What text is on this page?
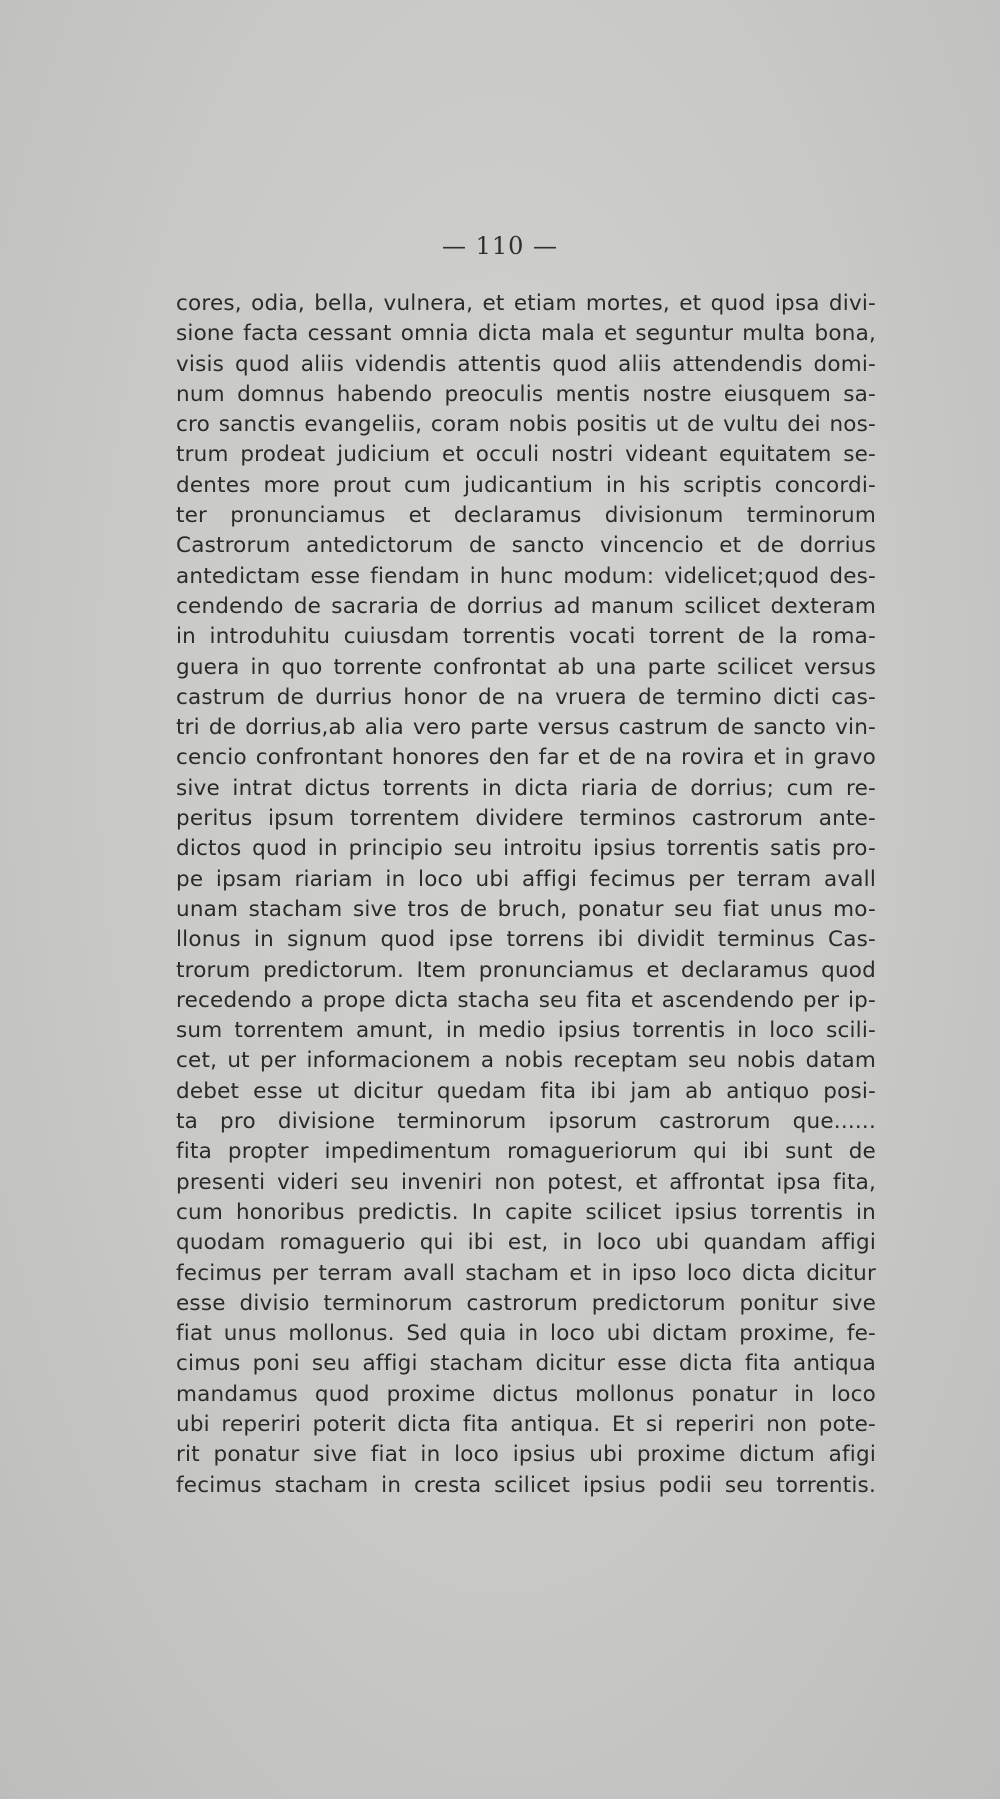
— 110 —
cores, odia, bella, vulnera, et etiam mortes, et quod ipsa divi-
sione facta cessant omnia dicta mala et seguntur multa bona,
visis quod aliis videndis attentis quod aliis attendendis domi-
num domnus habendo preoculis mentis nostre eiusquem sa-
cro sanctis evangeliis, coram nobis positis ut de vultu dei nos-
trum prodeat judicium et occuli nostri videant equitatem se-
dentes more prout cum judicantium in his scriptis concordi-
ter pronunciamus et declaramus divisionum terminorum
Castrorum antedictorum de sancto vincencio et de dorrius
antedictam esse fiendam in hunc modum: videlicet;quod des-
cendendo de sacraria de dorrius ad manum scilicet dexteram
in introduhitu cuiusdam torrentis vocati torrent de la roma-
guera in quo torrente confrontat ab una parte scilicet versus
castrum de durrius honor de na vruera de termino dicti cas-
tri de dorrius,ab alia vero parte versus castrum de sancto vin-
cencio confrontant honores den far et de na rovira et in gravo
sive intrat dictus torrents in dicta riaria de dorrius; cum re-
peritus ipsum torrentem dividere terminos castrorum ante-
dictos quod in principio seu introitu ipsius torrentis satis pro-
pe ipsam riariam in loco ubi affigi fecimus per terram avall
unam stacham sive tros de bruch, ponatur seu fiat unus mo-
llonus in signum quod ipse torrens ibi dividit terminus Cas-
trorum predictorum. Item pronunciamus et declaramus quod
recedendo a prope dicta stacha seu fita et ascendendo per ip-
sum torrentem amunt, in medio ipsius torrentis in loco scili-
cet, ut per informacionem a nobis receptam seu nobis datam
debet esse ut dicitur quedam fita ibi jam ab antiquo posi-
ta pro divisione terminorum ipsorum castrorum que......
fita propter impedimentum romagueriorum qui ibi sunt de
presenti videri seu inveniri non potest, et affrontat ipsa fita,
cum honoribus predictis. In capite scilicet ipsius torrentis in
quodam romaguerio qui ibi est, in loco ubi quandam affigi
fecimus per terram avall stacham et in ipso loco dicta dicitur
esse divisio terminorum castrorum predictorum ponitur sive
fiat unus mollonus. Sed quia in loco ubi dictam proxime, fe-
cimus poni seu affigi stacham dicitur esse dicta fita antiqua
mandamus quod proxime dictus mollonus ponatur in loco
ubi reperiri poterit dicta fita antiqua. Et si reperiri non pote-
rit ponatur sive fiat in loco ipsius ubi proxime dictum afigi
fecimus stacham in cresta scilicet ipsius podii seu torrentis.
